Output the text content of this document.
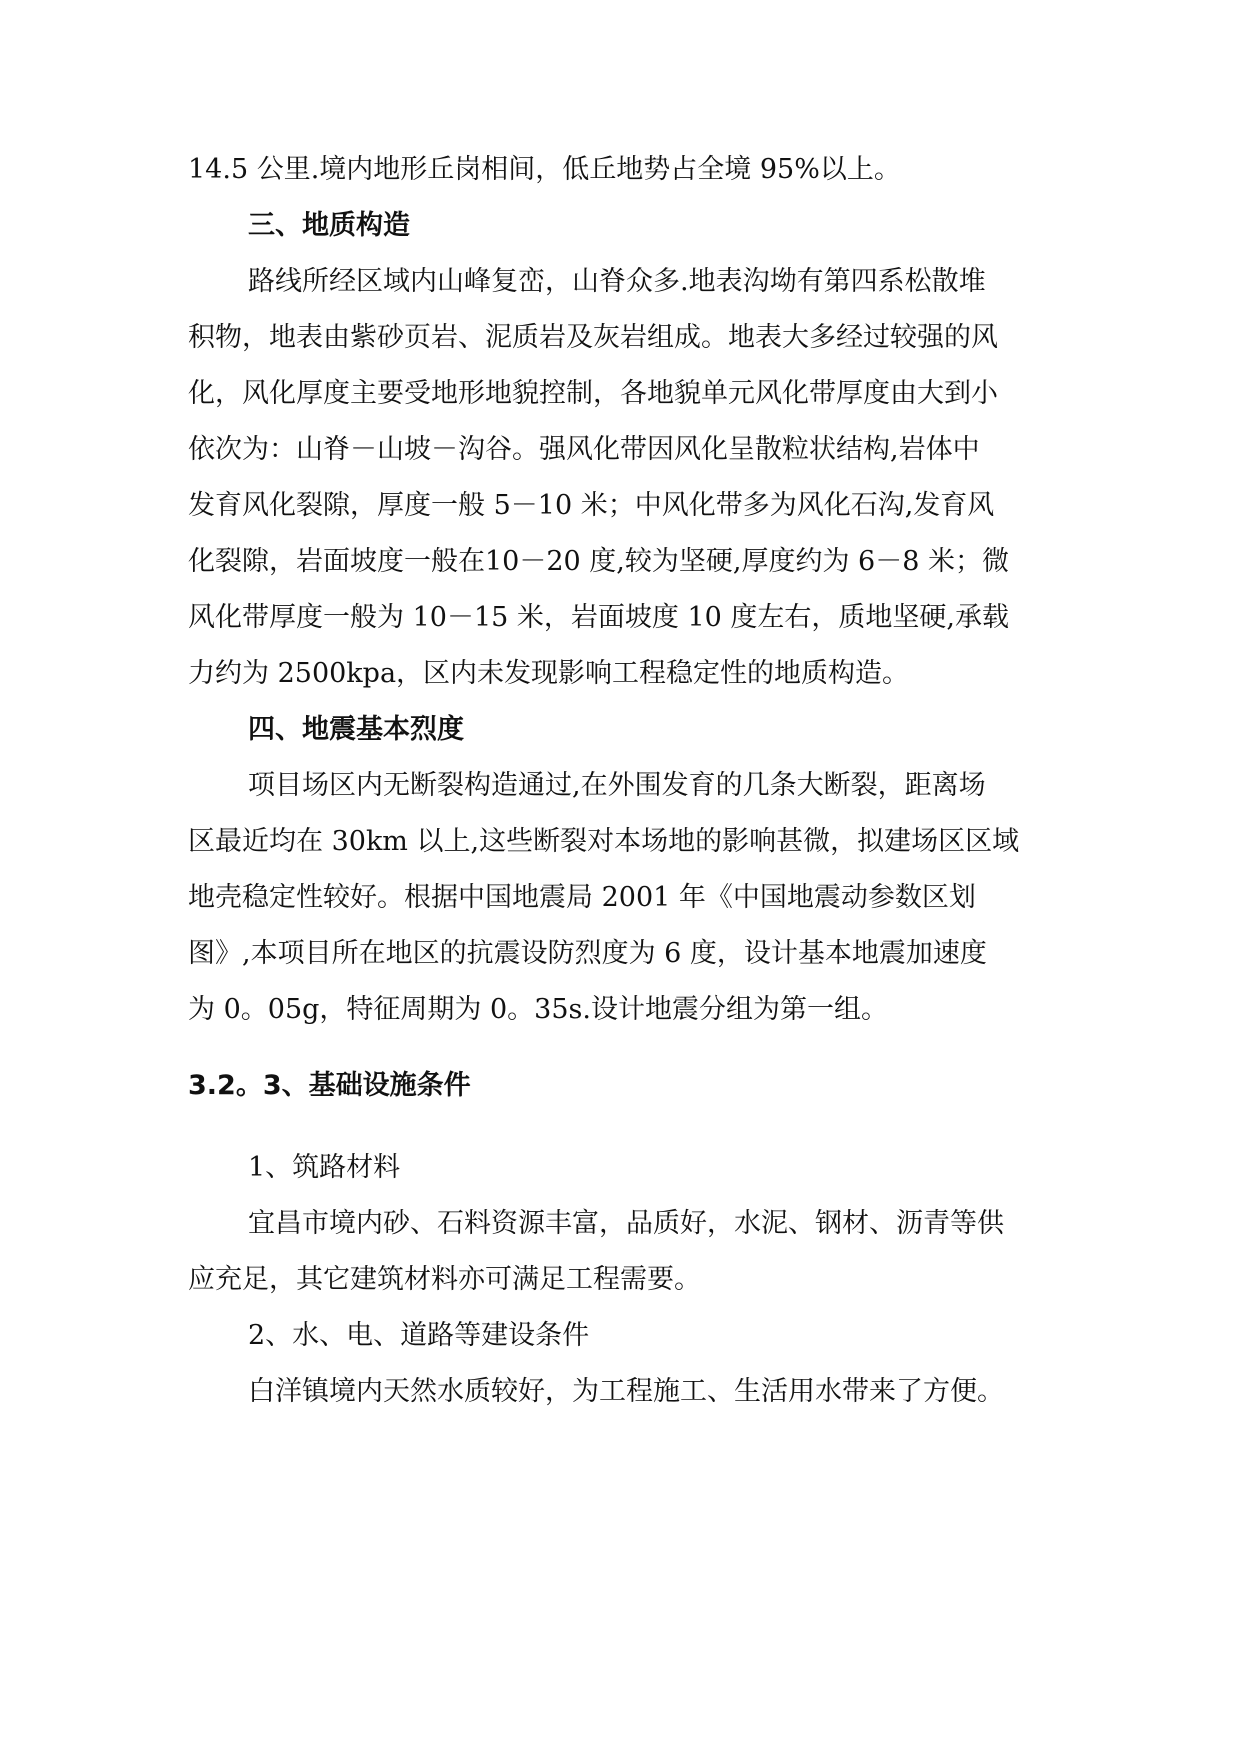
14.5 公里.境内地形丘岗相间，低丘地势占全境 95%以上。
三、地质构造
路线所经区域内山峰复峦，山脊众多.地表沟坳有第四系松散堆
积物，地表由紫砂页岩、泥质岩及灰岩组成。地表大多经过较强的风
化，风化厚度主要受地形地貌控制，各地貌单元风化带厚度由大到小
依次为：山脊－山坡－沟谷。强风化带因风化呈散粒状结构,岩体中
发育风化裂隙，厚度一般 5－10 米；中风化带多为风化石沟,发育风
化裂隙，岩面坡度一般在10－20 度,较为坚硬,厚度约为 6－8 米；微
风化带厚度一般为 10－15 米，岩面坡度 10 度左右，质地坚硬,承载
力约为 2500kpa，区内未发现影响工程稳定性的地质构造。
四、地震基本烈度
项目场区内无断裂构造通过,在外围发育的几条大断裂，距离场
区最近均在 30km 以上,这些断裂对本场地的影响甚微，拟建场区区域
地壳稳定性较好。根据中国地震局 2001 年《中国地震动参数区划
图》,本项目所在地区的抗震设防烈度为 6 度，设计基本地震加速度
为 0。05g，特征周期为 0。35s.设计地震分组为第一组。
3.2。3、基础设施条件
1、筑路材料
宜昌市境内砂、石料资源丰富，品质好，水泥、钢材、沥青等供
应充足，其它建筑材料亦可满足工程需要。
2、水、电、道路等建设条件
白洋镇境内天然水质较好，为工程施工、生活用水带来了方便。
